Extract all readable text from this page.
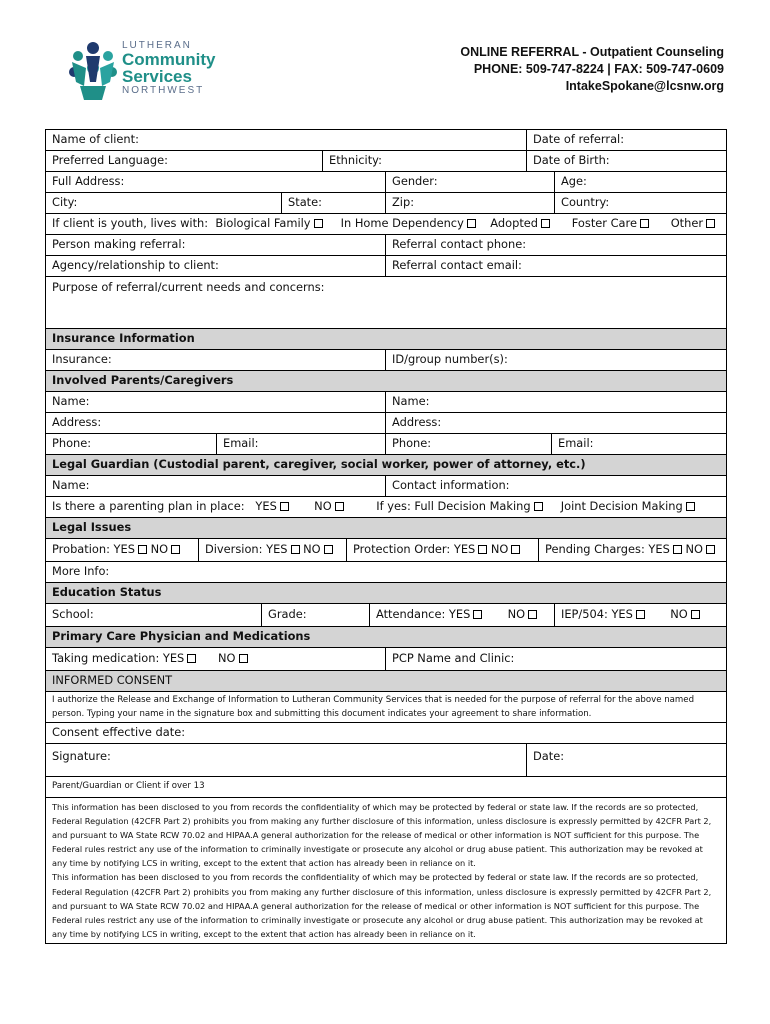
LUTHERAN
Community
Services
NORTHWEST
ONLINE REFERRAL - Outpatient Counseling
PHONE: 509-747-8224 | FAX: 509-747-0609
IntakeSpokane@lcsnw.org
Name of client:	Date of referral:
Preferred Language:	Ethnicity:	Date of Birth:
Full Address:	Gender:	Age:
City:	State:	Zip:	Country:
If client is youth, lives with: Biological Family	In Home Dependency Adopted	Foster Care	Other
Person making referral:	Referral contact phone:
Agency/relationship to client:	Referral contact email:
Purpose of referral/current needs and concerns:
Insurance Information
Insurance:	ID/group number(s):
Involved Parents/Caregivers
Name:	Name:
Address:	Address:
Phone:	Email:	Phone:	Email:
Legal Guardian (Custodial parent, caregiver, social worker, power of attorney, etc.)
Name:	Contact information:
Is there a parenting plan in place: YES	NO	If yes: Full Decision Making	Joint Decision Making
Legal Issues
Probation: YES NO	Diversion: YES NO	Protection Order: YES NO	Pending Charges: YES NO
More Info:
Education Status
School:	Grade:	Attendance: YES	NO	IEP/504: YES	NO
Primary Care Physician and Medications
Taking medication: YES	NO	PCP Name and Clinic:
INFORMED CONSENT
I authorize the Release and Exchange of Information to Lutheran Community Services that is needed for the purpose of referral for the above named person. Typing your name in the signature box and submitting this document indicates your agreement to share information.
Consent effective date:
Signature:	Date:
Parent/Guardian or Client if over 13
This information has been disclosed to you from records the confidentiality of which may be protected by federal or state law. If the records are so protected, Federal Regulation (42CFR Part 2) prohibits you from making any further disclosure of this information, unless disclosure is expressly permitted by 42CFR Part 2, and pursuant to WA State RCW 70.02 and HIPAA.A general authorization for the release of medical or other information is NOT sufficient for this purpose. The Federal rules restrict any use of the information to criminally investigate or prosecute any alcohol or drug abuse patient. This authorization may be revoked at any time by notifying LCS in writing, except to the extent that action has already been in reliance on it.
This information has been disclosed to you from records the confidentiality of which may be protected by federal or state law. If the records are so protected, Federal Regulation (42CFR Part 2) prohibits you from making any further disclosure of this information, unless disclosure is expressly permitted by 42CFR Part 2, and pursuant to WA State RCW 70.02 and HIPAA.A general authorization for the release of medical or other information is NOT sufficient for this purpose. The Federal rules restrict any use of the information to criminally investigate or prosecute any alcohol or drug abuse patient. This authorization may be revoked at any time by notifying LCS in writing, except to the extent that action has already been in reliance on it.
